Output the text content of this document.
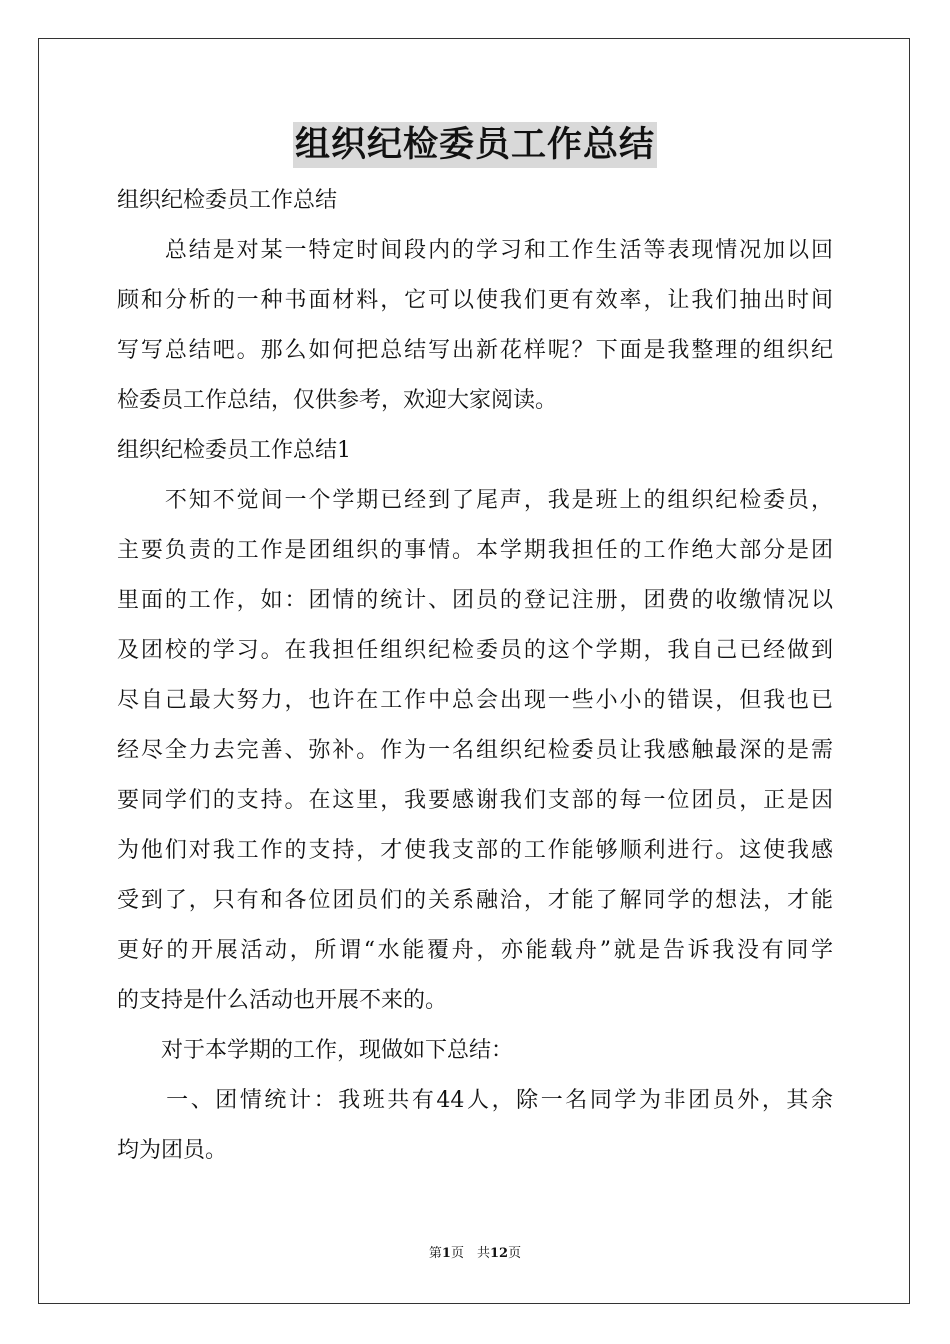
组织纪检委员工作总结

组织纪检委员工作总结

　　总结是对某一特定时间段内的学习和工作生活等表现情况加以回

顾和分析的一种书面材料，它可以使我们更有效率，让我们抽出时间

写写总结吧。那么如何把总结写出新花样呢？下面是我整理的组织纪

检委员工作总结，仅供参考，欢迎大家阅读。

组织纪检委员工作总结1

　　不知不觉间一个学期已经到了尾声，我是班上的组织纪检委员，

主要负责的工作是团组织的事情。本学期我担任的工作绝大部分是团

里面的工作，如：团情的统计、团员的登记注册，团费的收缴情况以

及团校的学习。在我担任组织纪检委员的这个学期，我自己已经做到

尽自己最大努力，也许在工作中总会出现一些小小的错误，但我也已

经尽全力去完善、弥补。作为一名组织纪检委员让我感触最深的是需

要同学们的支持。在这里，我要感谢我们支部的每一位团员，正是因

为他们对我工作的支持，才使我支部的工作能够顺利进行。这使我感

受到了，只有和各位团员们的关系融洽，才能了解同学的想法，才能

更好的开展活动，所谓“水能覆舟，亦能载舟”就是告诉我没有同学

的支持是什么活动也开展不来的。

　　对于本学期的工作，现做如下总结：

　　一、团情统计：我班共有44人，除一名同学为非团员外，其余

均为团员。

第1页　共12页
